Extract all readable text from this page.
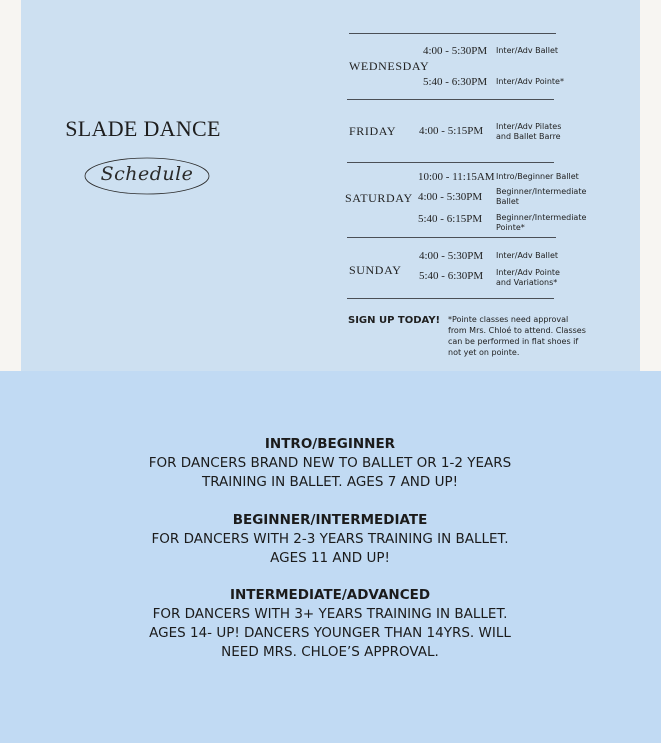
SLADE DANCE
Schedule
WEDNESDAY
4:00 - 5:30PM Inter/Adv Ballet
5:40 - 6:30PM Inter/Adv Pointe*
FRIDAY 4:00 - 5:15PM Inter/Adv Pilates
and Ballet Barre
SATURDAY
10:00 - 11:15AM Intro/Beginner Ballet
4:00 - 5:30PM Beginner/Intermediate
Ballet
5:40 - 6:15PM Beginner/Intermediate
Pointe*
SUNDAY
4:00 - 5:30PM Inter/Adv Ballet
5:40 - 6:30PM Inter/Adv Pointe
and Variations*
SIGN UP TODAY! *Pointe classes need approval from Mrs. Chloé to attend. Classes can be performed in flat shoes if not yet on pointe.
INTRO/BEGINNER
FOR DANCERS BRAND NEW TO BALLET OR 1-2 YEARS
TRAINING IN BALLET. AGES 7 AND UP!
BEGINNER/INTERMEDIATE
FOR DANCERS WITH 2-3 YEARS TRAINING IN BALLET.
AGES 11 AND UP!
INTERMEDIATE/ADVANCED
FOR DANCERS WITH 3+ YEARS TRAINING IN BALLET.
AGES 14- UP! DANCERS YOUNGER THAN 14YRS. WILL
NEED MRS. CHLOE’S APPROVAL.
